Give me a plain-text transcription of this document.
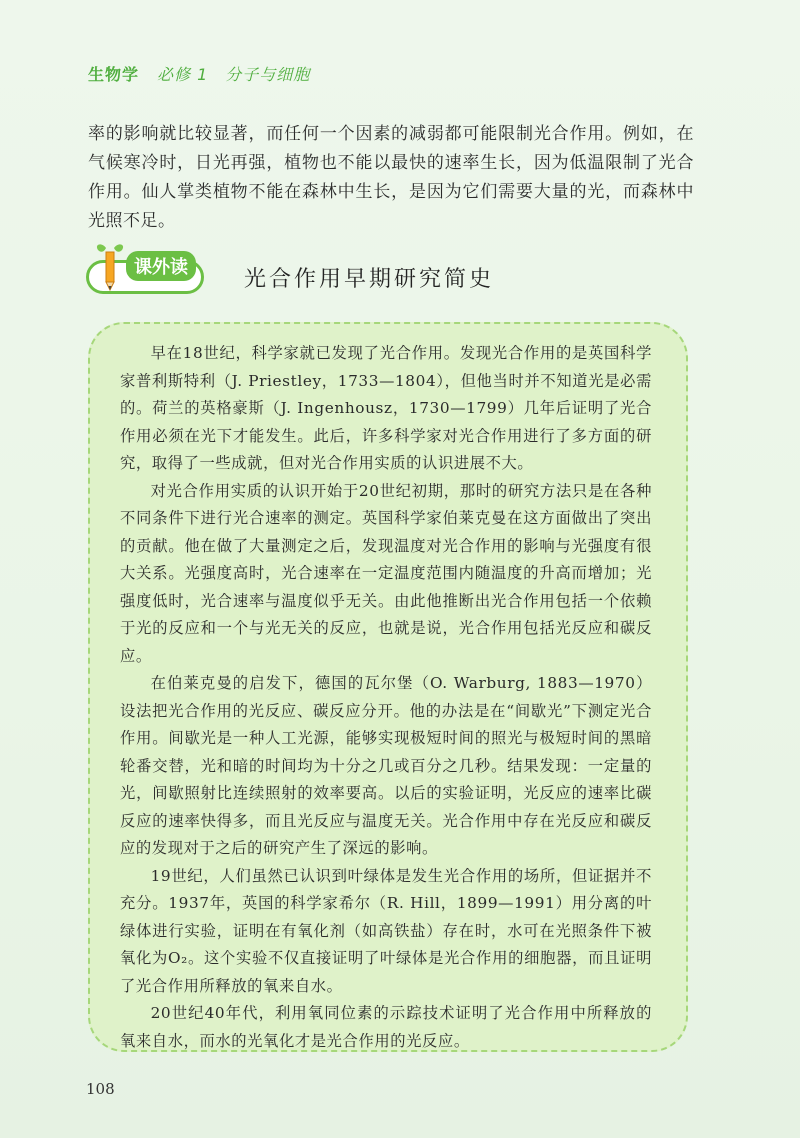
生物学 必修 1　分子与细胞

率的影响就比较显著，而任何一个因素的减弱都可能限制光合作用。例如，在气候寒冷时，日光再强，植物也不能以最快的速率生长，因为低温限制了光合作用。仙人掌类植物不能在森林中生长，是因为它们需要大量的光，而森林中光照不足。

课外读	光合作用早期研究简史

早在18世纪，科学家就已发现了光合作用。发现光合作用的是英国科学家普利斯特利（J. Priestley，1733—1804），但他当时并不知道光是必需的。荷兰的英格豪斯（J. Ingenhousz，1730—1799）几年后证明了光合作用必须在光下才能发生。此后，许多科学家对光合作用进行了多方面的研究，取得了一些成就，但对光合作用实质的认识进展不大。

对光合作用实质的认识开始于20世纪初期，那时的研究方法只是在各种不同条件下进行光合速率的测定。英国科学家伯莱克曼在这方面做出了突出的贡献。他在做了大量测定之后，发现温度对光合作用的影响与光强度有很大关系。光强度高时，光合速率在一定温度范围内随温度的升高而增加；光强度低时，光合速率与温度似乎无关。由此他推断出光合作用包括一个依赖于光的反应和一个与光无关的反应，也就是说，光合作用包括光反应和碳反应。

在伯莱克曼的启发下，德国的瓦尔堡（O. Warburg, 1883—1970）设法把光合作用的光反应、碳反应分开。他的办法是在“间歇光”下测定光合作用。间歇光是一种人工光源，能够实现极短时间的照光与极短时间的黑暗轮番交替，光和暗的时间均为十分之几或百分之几秒。结果发现：一定量的光，间歇照射比连续照射的效率要高。以后的实验证明，光反应的速率比碳反应的速率快得多，而且光反应与温度无关。光合作用中存在光反应和碳反应的发现对于之后的研究产生了深远的影响。

19世纪，人们虽然已认识到叶绿体是发生光合作用的场所，但证据并不充分。1937年，英国的科学家希尔（R. Hill，1899—1991）用分离的叶绿体进行实验，证明在有氧化剂（如高铁盐）存在时，水可在光照条件下被氧化为O₂。这个实验不仅直接证明了叶绿体是光合作用的细胞器，而且证明了光合作用所释放的氧来自水。

20世纪40年代，利用氧同位素的示踪技术证明了光合作用中所释放的氧来自水，而水的光氧化才是光合作用的光反应。

108
